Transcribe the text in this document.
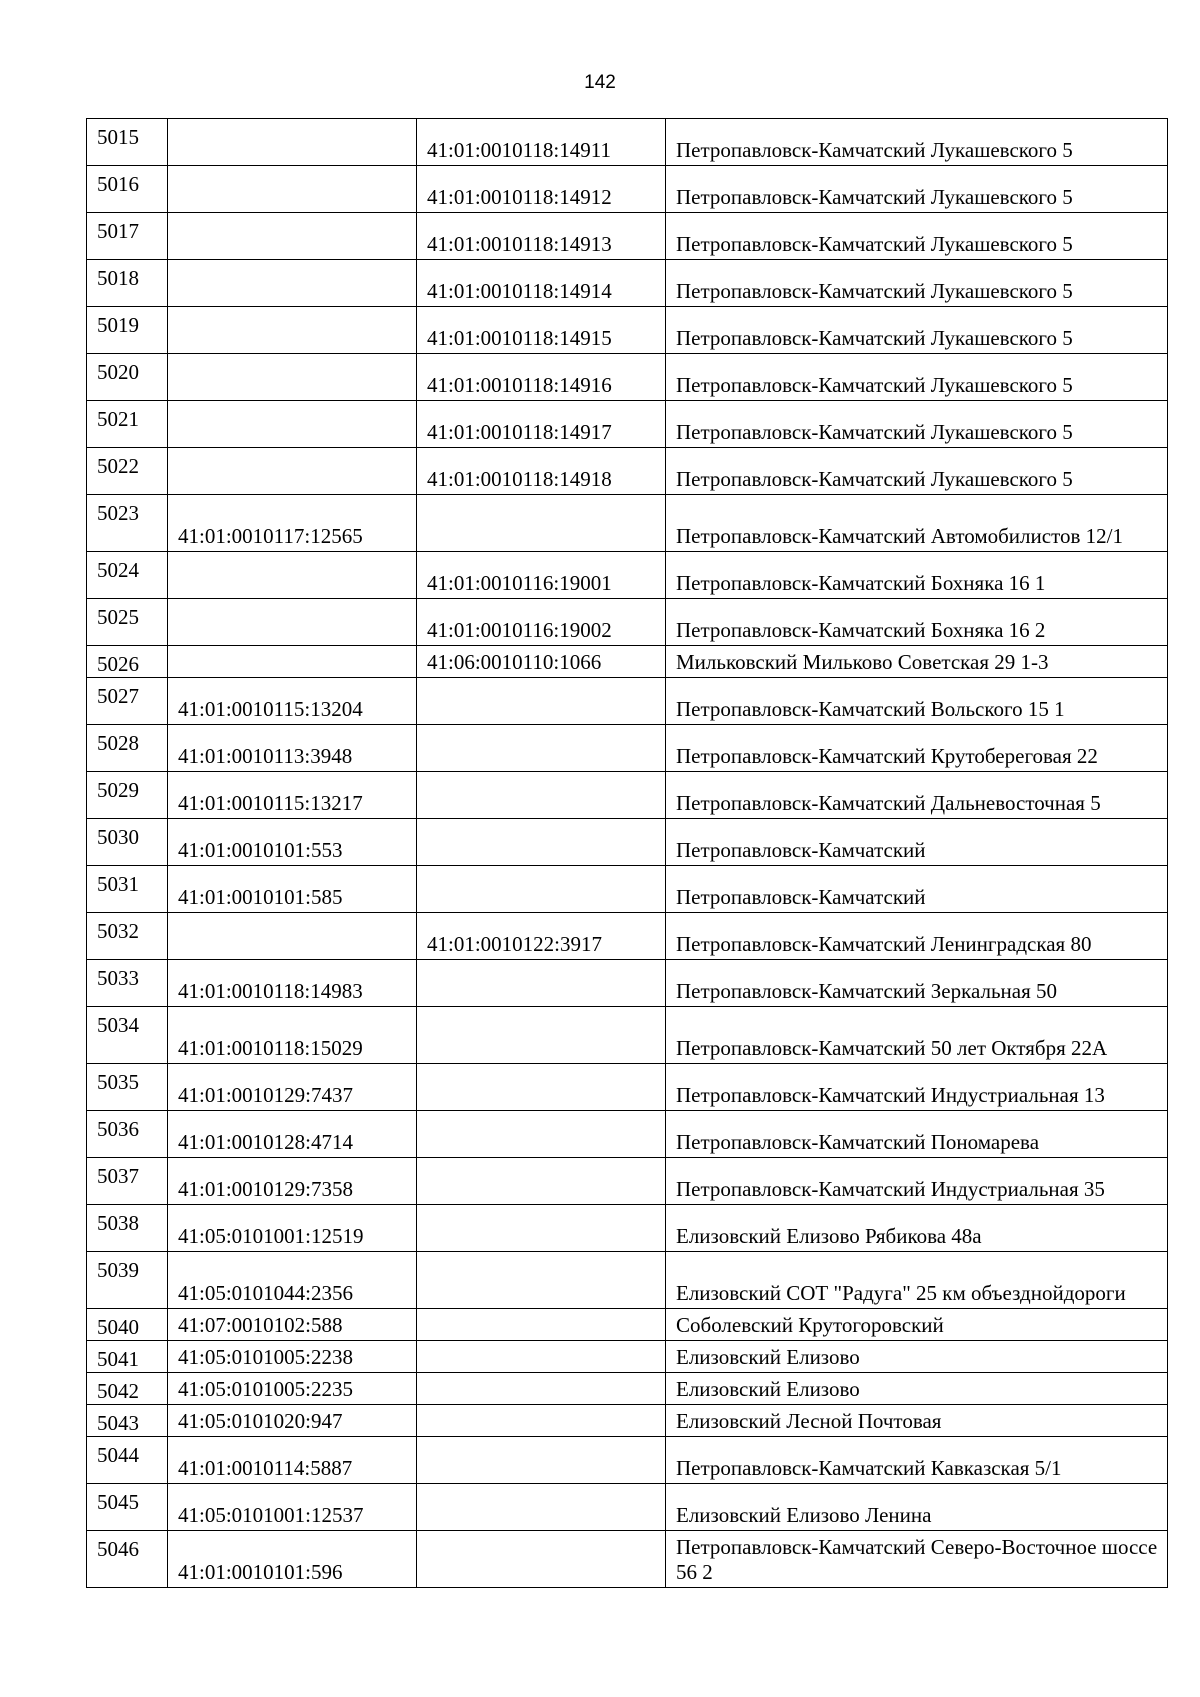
142
5015		41:01:0010118:14911	Петропавловск-Камчатский Лукашевского 5
5016		41:01:0010118:14912	Петропавловск-Камчатский Лукашевского 5
5017		41:01:0010118:14913	Петропавловск-Камчатский Лукашевского 5
5018		41:01:0010118:14914	Петропавловск-Камчатский Лукашевского 5
5019		41:01:0010118:14915	Петропавловск-Камчатский Лукашевского 5
5020		41:01:0010118:14916	Петропавловск-Камчатский Лукашевского 5
5021		41:01:0010118:14917	Петропавловск-Камчатский Лукашевского 5
5022		41:01:0010118:14918	Петропавловск-Камчатский Лукашевского 5
5023	41:01:0010117:12565		Петропавловск-Камчатский Автомобилистов 12/1
5024		41:01:0010116:19001	Петропавловск-Камчатский Бохняка 16 1
5025		41:01:0010116:19002	Петропавловск-Камчатский Бохняка 16 2
5026		41:06:0010110:1066	Мильковский Мильково Советская 29 1-3
5027	41:01:0010115:13204		Петропавловск-Камчатский Вольского 15 1
5028	41:01:0010113:3948		Петропавловск-Камчатский Крутобереговая 22
5029	41:01:0010115:13217		Петропавловск-Камчатский Дальневосточная 5
5030	41:01:0010101:553		Петропавловск-Камчатский
5031	41:01:0010101:585		Петропавловск-Камчатский
5032		41:01:0010122:3917	Петропавловск-Камчатский Ленинградская 80
5033	41:01:0010118:14983		Петропавловск-Камчатский Зеркальная 50
5034	41:01:0010118:15029		Петропавловск-Камчатский 50 лет Октября 22А
5035	41:01:0010129:7437		Петропавловск-Камчатский Индустриальная 13
5036	41:01:0010128:4714		Петропавловск-Камчатский Пономарева
5037	41:01:0010129:7358		Петропавловск-Камчатский Индустриальная 35
5038	41:05:0101001:12519		Елизовский Елизово Рябикова 48а
5039	41:05:0101044:2356		Елизовский СОТ "Радуга" 25 км объезднойдороги
5040	41:07:0010102:588		Соболевский Крутогоровский
5041	41:05:0101005:2238		Елизовский Елизово
5042	41:05:0101005:2235		Елизовский Елизово
5043	41:05:0101020:947		Елизовский Лесной Почтовая
5044	41:01:0010114:5887		Петропавловск-Камчатский Кавказская 5/1
5045	41:05:0101001:12537		Елизовский Елизово Ленина
5046	41:01:0010101:596		Петропавловск-Камчатский Северо-Восточное шоссе 56 2
